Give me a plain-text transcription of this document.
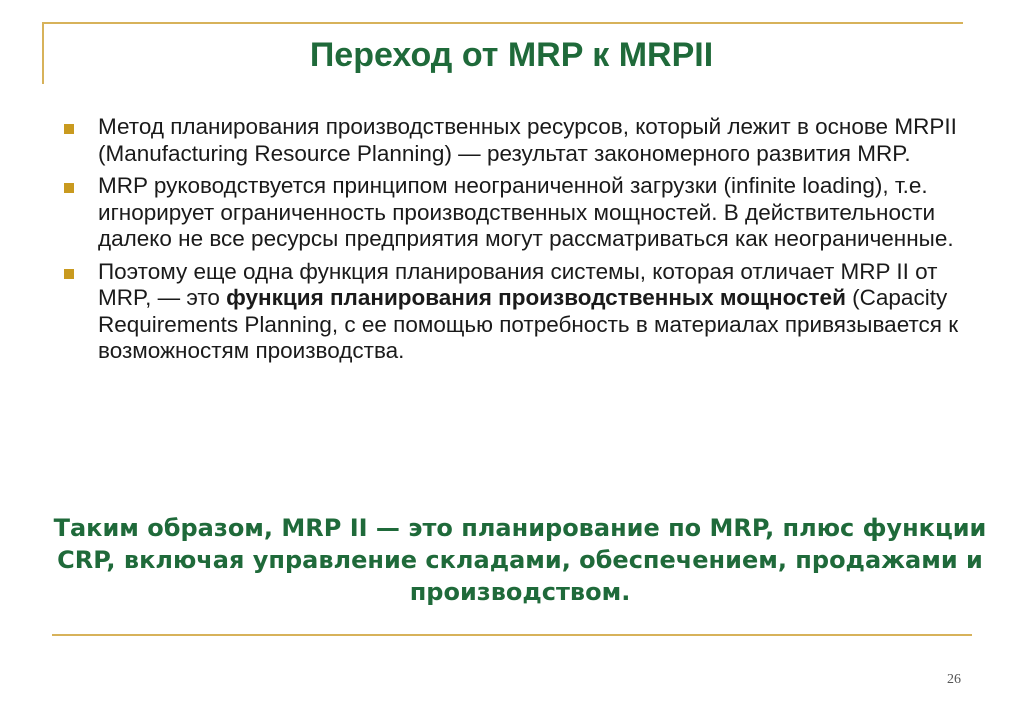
Переход от MRP к MRPII
Метод планирования производственных ресурсов, который лежит в основе MRPII (Manufacturing Resource Planning) — результат закономерного развития MRP.
MRP руководствуется принципом неограниченной загрузки (infinite loading), т.е. игнорирует ограниченность производственных мощностей. В действительности далеко не все ресурсы предприятия могут рассматриваться как неограниченные.
Поэтому еще одна функция планирования системы, которая отличает MRP II от MRP, — это функция планирования производственных мощностей (Capacity Requirements Planning, с ее помощью потребность в материалах привязывается к возможностям производства.
Таким образом, MRP II — это планирование по MRP, плюс функции CRP, включая управление складами, обеспечением, продажами и производством.
26
